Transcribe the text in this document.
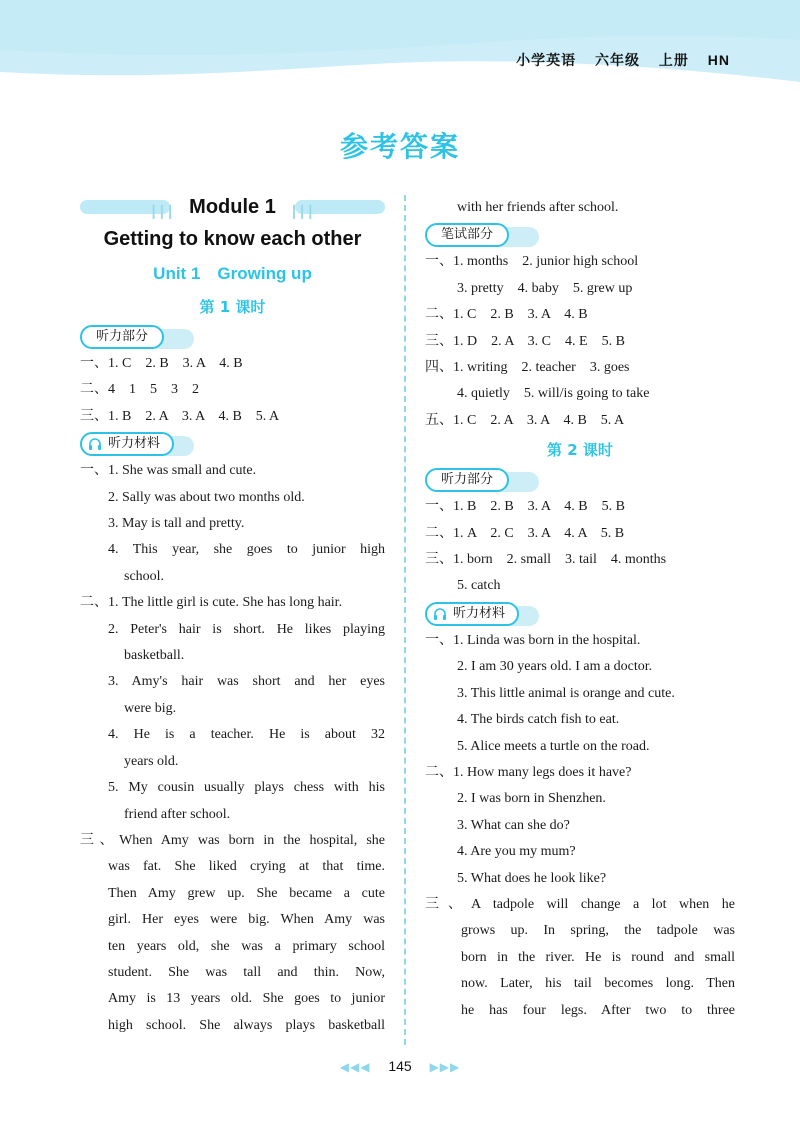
小学英语 六年级 上册 HN
参考答案
┃┃┃	┃┃┃
Module 1
Getting to know each other
Unit 1　Growing up
第 1 课时
听力部分
一、1. C　2. B　3. A　4. B
二、4　1　5　3　2
三、1. B　2. A　3. A　4. B　5. A
听力材料
一、1. She was small and cute.
2. Sally was about two months old.
3. May is tall and pretty.
4. This year, she goes to junior high
school.
二、1. The little girl is cute. She has long hair.
2. Peter's hair is short. He likes playing
basketball.
3. Amy's hair was short and her eyes
were big.
4. He is a teacher. He is about 32
years old.
5. My cousin usually plays chess with his
friend after school.
三、When Amy was born in the hospital, she
was fat. She liked crying at that time.
Then Amy grew up. She became a cute
girl. Her eyes were big. When Amy was
ten years old, she was a primary school
student. She was tall and thin. Now,
Amy is 13 years old. She goes to junior
high school. She always plays basketball
with her friends after school.
笔试部分
一、1. months　2. junior high school
3. pretty　4. baby　5. grew up
二、1. C　2. B　3. A　4. B
三、1. D　2. A　3. C　4. E　5. B
四、1. writing　2. teacher　3. goes
4. quietly　5. will/is going to take
五、1. C　2. A　3. A　4. B　5. A
第 2 课时
听力部分
一、1. B　2. B　3. A　4. B　5. B
二、1. A　2. C　3. A　4. A　5. B
三、1. born　2. small　3. tail　4. months
5. catch
听力材料
一、1. Linda was born in the hospital.
2. I am 30 years old. I am a doctor.
3. This little animal is orange and cute.
4. The birds catch fish to eat.
5. Alice meets a turtle on the road.
二、1. How many legs does it have?
2. I was born in Shenzhen.
3. What can she do?
4. Are you my mum?
5. What does he look like?
三、A tadpole will change a lot when he
grows up. In spring, the tadpole was
born in the river. He is round and small
now. Later, his tail becomes long. Then
he has four legs. After two to three
◀◀◀ 145 ▶▶▶
